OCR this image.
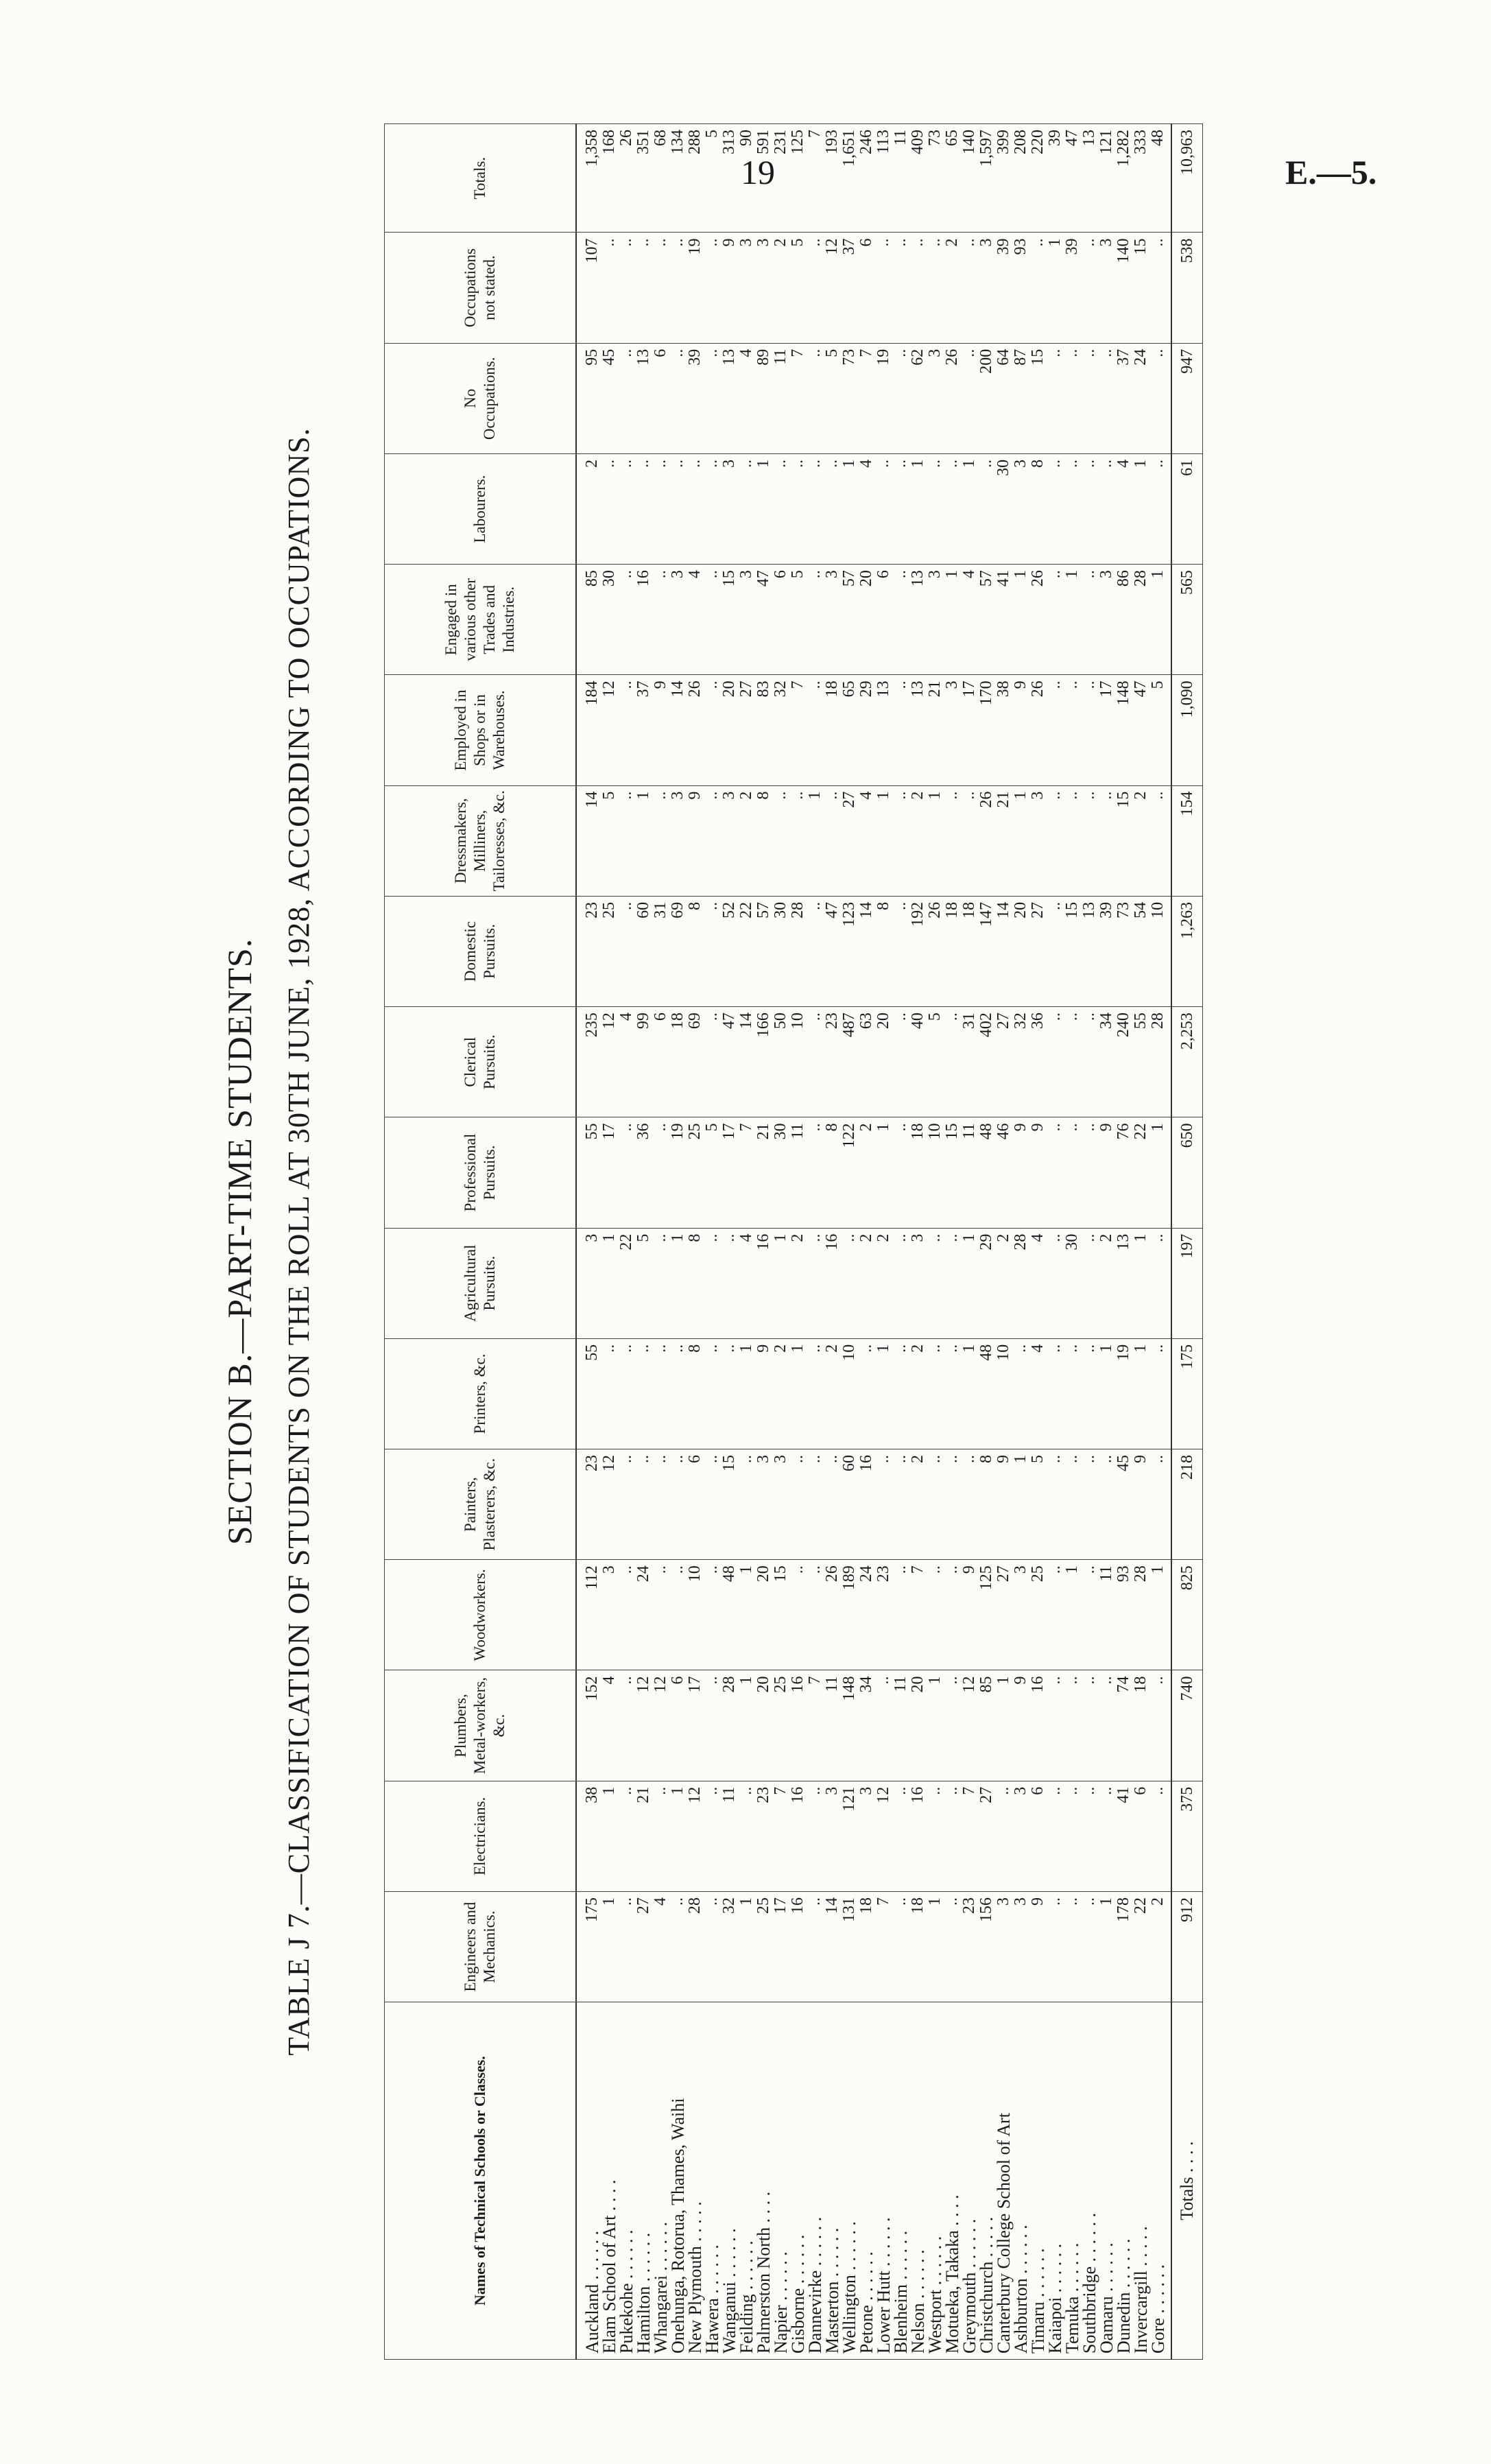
19	E.—5.
SECTION B.—PART-TIME STUDENTS. TABLE J 7.—CLASSIFICATION OF STUDENTS ON THE ROLL AT 30TH JUNE, 1928, ACCORDING TO OCCUPATIONS.
Names of Technical Schools or Classes.	Engineers and Mechanics.	Electricians.	Plumbers, Metal-workers, &c.	Woodworkers.	Painters, Plasterers, &c.	Printers, &c.	Agricultural Pursuits.	Professional Pursuits.	Clerical Pursuits.	Domestic Pursuits.	Dressmakers, Milliners, Tailoresses, &c.	Employed in Shops or in Warehouses.	Engaged in various other Trades and Industries.	Labourers.	No Occupations.	Occupations not stated.	Totals.
Auckland . . . . . .	175	38	152	112	23	55	3	55	235	23	14	184	85	2	95	107	1,358
Elam School of Art . . . .	1	1	4	3	12	..	1	17	12	25	5	12	30	..	45	..	168
Pukekohe . . . . . .	..	..	..	..	..	..	22	..	4	..	..	..	..	..	..	..	26
Hamilton . . . . . .	27	21	12	24	..	..	5	36	99	60	1	37	16	..	13	..	351
Whangarei . . . . . .	4	..	12	..	..	..	..	..	6	31	..	9	..	..	6	..	68
Onehunga, Rotorua, Thames, Waihi	..	1	6	..	..	..	1	19	18	69	3	14	3	..	..	..	134
New Plymouth . . . . .	28	12	17	10	6	8	8	25	69	8	9	26	4	..	39	19	288
Hawera . . . . . .	..	..	..	..	..	..	..	5	..	..	..	..	..	..	..	..	5
Wanganui . . . . . .	32	11	28	48	15	..	..	17	47	52	3	20	15	3	13	9	313
Feilding . . . . . .	1	..	1	1	..	1	4	7	14	22	2	27	3	..	4	3	90
Palmerston North . . . .	25	23	20	20	3	9	16	21	166	57	8	83	47	1	89	3	591
Napier . . . . . .	17	7	25	15	3	2	1	30	50	30	..	32	6	..	11	2	231
Gisborne . . . . . .	16	16	16	..	..	1	2	11	10	28	..	7	5	..	7	5	125
Dannevirke . . . . . .	..	..	7	..	..	..	..	..	..	..	1	..	..	..	..	..	7
Masterton . . . . . .	14	3	11	26	..	2	16	8	23	47	..	18	3	..	5	12	193
Wellington . . . . . .	131	121	148	189	60	10	..	122	487	123	27	65	57	1	73	37	1,651
Petone . . . . . .	18	3	34	24	16	..	2	2	63	14	4	29	20	4	7	6	246
Lower Hutt . . . . . .	7	12	..	23	..	1	2	1	20	8	1	13	6	..	19	..	113
Blenheim . . . . . .	..	..	11	..	..	..	..	..	..	..	..	..	..	..	..	..	11
Nelson . . . . . .	18	16	20	7	2	2	3	18	40	192	2	13	13	1	62	..	409
Westport . . . . . .	1	..	1	..	..	..	..	10	5	26	1	21	3	..	3	..	73
Motueka, Takaka . . . .	..	..	..	..	..	..	..	15	..	18	..	3	1	..	26	2	65
Greymouth . . . . . .	23	7	12	9	..	1	1	11	31	18	..	17	4	1	..	..	140
Christchurch . . . . .	156	27	85	125	8	48	29	48	402	147	26	170	57	..	200	3	1,597
Canterbury College School of Art	3	..	1	27	9	10	2	46	27	14	21	38	41	30	64	39	399
Ashburton . . . . . .	3	3	9	3	1	..	28	9	32	20	1	9	1	3	87	93	208
Timaru . . . . . .	9	6	16	25	5	4	4	9	36	27	3	26	26	8	15	..	220
Kaiapoi . . . . . .	..	..	..	..	..	..	..	..	..	..	..	..	..	..	..	1	39
Temuka . . . . . .	..	..	..	1	..	..	30	..	..	15	..	..	1	..	..	39	47
Southbridge . . . . . .	..	..	..	..	..	..	..	..	..	13	..	..	..	..	..	..	13
Oamaru . . . . . .	1	..	..	11	..	1	2	9	34	39	..	17	3	..	..	3	121
Dunedin . . . . . .	178	41	74	93	45	19	13	76	240	73	15	148	86	4	37	140	1,282
Invercargill . . . . .	22	6	18	28	9	1	1	22	55	54	2	47	28	1	24	15	333
Gore . . . . . .	2	..	..	1	..	..	..	1	28	10	..	5	1	..	..	..	48
Totals . . . .	912	375	740	825	218	175	197	650	2,253	1,263	154	1,090	565	61	947	538	10,963
